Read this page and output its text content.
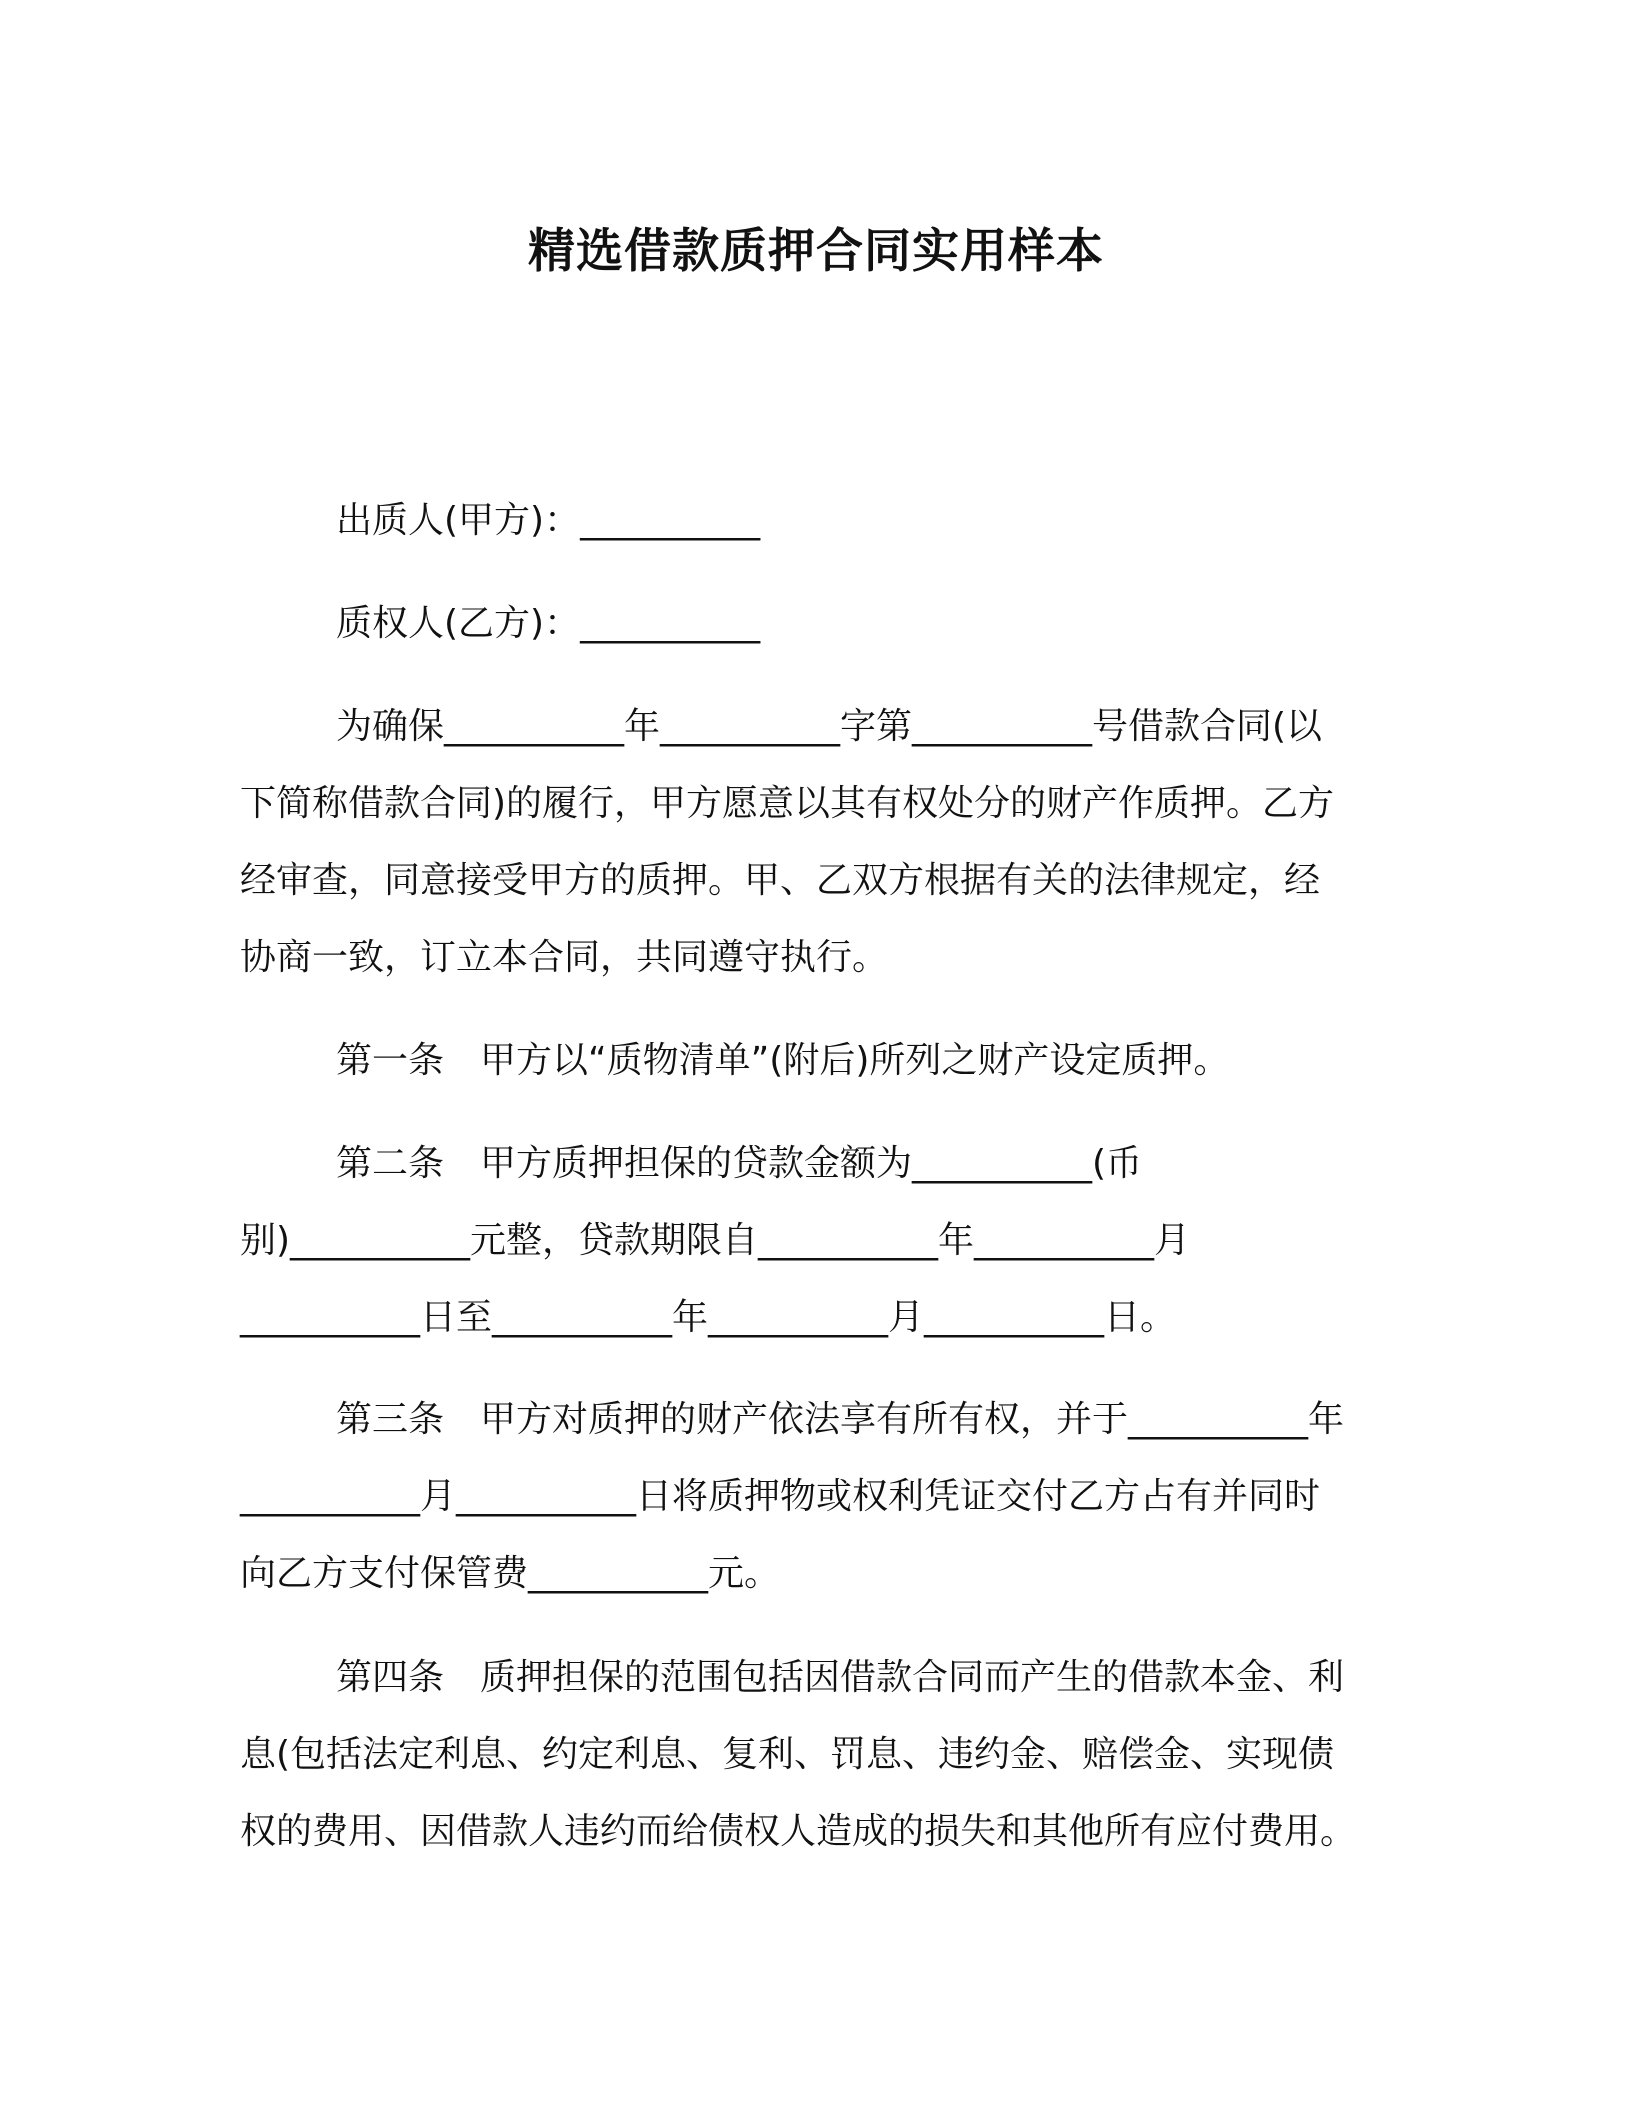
精选借款质押合同实用样本
出质人(甲方)：__________
质权人(乙方)：__________
为确保__________年__________字第__________号借款合同(以
下简称借款合同)的履行，甲方愿意以其有权处分的财产作质押。乙方
经审查，同意接受甲方的质押。甲、乙双方根据有关的法律规定，经
协商一致，订立本合同，共同遵守执行。
第一条　甲方以“质物清单”(附后)所列之财产设定质押。
第二条　甲方质押担保的贷款金额为__________(币
别)__________元整，贷款期限自__________年__________月
__________日至__________年__________月__________日。
第三条　甲方对质押的财产依法享有所有权，并于__________年
__________月__________日将质押物或权利凭证交付乙方占有并同时
向乙方支付保管费__________元。
第四条　质押担保的范围包括因借款合同而产生的借款本金、利
息(包括法定利息、约定利息、复利、罚息、违约金、赔偿金、实现债
权的费用、因借款人违约而给债权人造成的损失和其他所有应付费用。
